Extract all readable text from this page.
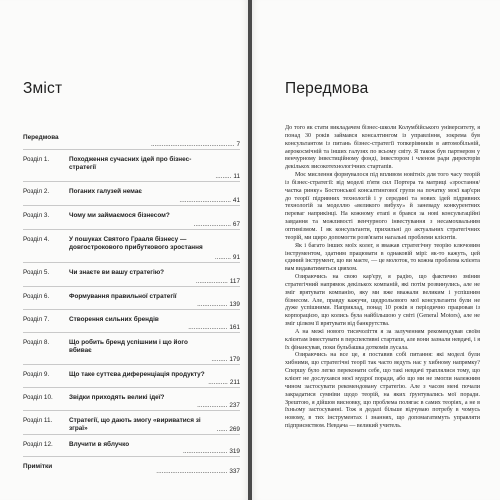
Зміст
Передмова
............................................... 7
Розділ 1.	Походження сучасних ідей про бізнес-стратегії
......... 11
Розділ 2.	Поганих галузей немає
............................. 41
Розділ 3.	Чому ми займаємося бізнесом?
..................... 67
Розділ 4.	У пошуках Святого Грааля бізнесу — довгострокового прибуткового зростання
......... 91
Розділ 5.	Чи знаєте ви вашу стратегію?
.................. 117
Розділ 6.	Формування правильної стратегії
................. 139
Розділ 7.	Створення сильних брендів
...................... 161
Розділ 8.	Що робить бренд успішним і що його вбиває
......... 179
Розділ 9.	Що таке суттєва диференціація продукту?
........... 211
Розділ 10.	Звідки приходять великі ідеї?
................. 237
Розділ 11.	Стратегії, що дають змогу «вириватися зі зграї»	...... 269
Розділ 12.	Влучити в яблучко
......................... 319
Примітки
........................................ 337
Передмова

До того як стати викладачем бізнес-школи Колумбійського університету, я понад 30 років займався консалтингом із управління, зокрема був консультантом із питань бізнес-стратегії топкерівників в автомобільній, аерокосмічній та інших галузях по всьому світу. Я також був партнером у венчурному інвестиційному фонді, інвестором і членом ради директорів декількох високотехнологічних стартапів.

Моє мислення формувалося під впливом новітніх для того часу теорій із бізнес-стратегії: від моделі п'яти сил Портера та матриці «зростання/частка ринку» Бостонської консалтингової групи на початку моєї кар'єри до теорії підривних технологій і у середині та нових ідей підривних технологій за моделлю «великого вибуху» й заневаду конкурентних переваг наприкінці. На кожному етапі я брався за нові консультаційні завдання та можливості венчурного інвестування з несамохвальним оптимізмом. І як консультанти, прихильні до актуальних стратегічних теорій, ми щиро допомогти розв'язати нагальні проблеми клієнтів.

Як і багато інших моїх колег, я вважав стратегічну теорію ключовим інструментом, здатним працювати в однаковій мірі: як-то кажуть, цей єдиний інструмент, що ви маєте, — це молоток, то кожна проблема клієнта вам видаватиметься цвяхом.

Озираючись на свою кар'єру, я радію, що фактично змінив стратегічний напрямок декількох компаній, які потім розвинулись, але не зміг врятувати компанію, яку ми вже вважали великим і успішним бізнесом. Але, правду кажучи, щедрольового мої консультанти були не дуже успішними. Наприклад, понад 10 років я періодично працював із корпорацією, що колись була найбільшою у світі (General Motors), але не зміг цілком її врятувати від банкрутства.

А на межі нового тисячоліття я за залученням рекомендував своїм клієнтам інвестувати в перспективні стартапи, але вони зазнали невдачі, і я їх фінансував, поки бульбашка доткомів лусала.

Озираючись на все це, я поставив собі питання: які моделі були хибними, що стратегічні теорії так часто ведуть нас у хибному напрямку? Спершу було легко переконати себе, що такі невдачі траплялися тому, що клієнт не дослухався моєї мудрої поради, або що ми не змогли належним чином застосувати рекомендовану стратегію. Але з часом мені почали закрадатися сумніви щодо теорій, на яких ґрунтувались мої поради. Зрештою, я дійшов висновку, що проблема полягає в самих теоріях, а не в їхньому застосуванні. Тож я дедалі більше відчуваю потребу в чомусь новому, в тих інструментах і знаннях, що допомагатимуть управляти підприємством. Невдача — великий учитель.
